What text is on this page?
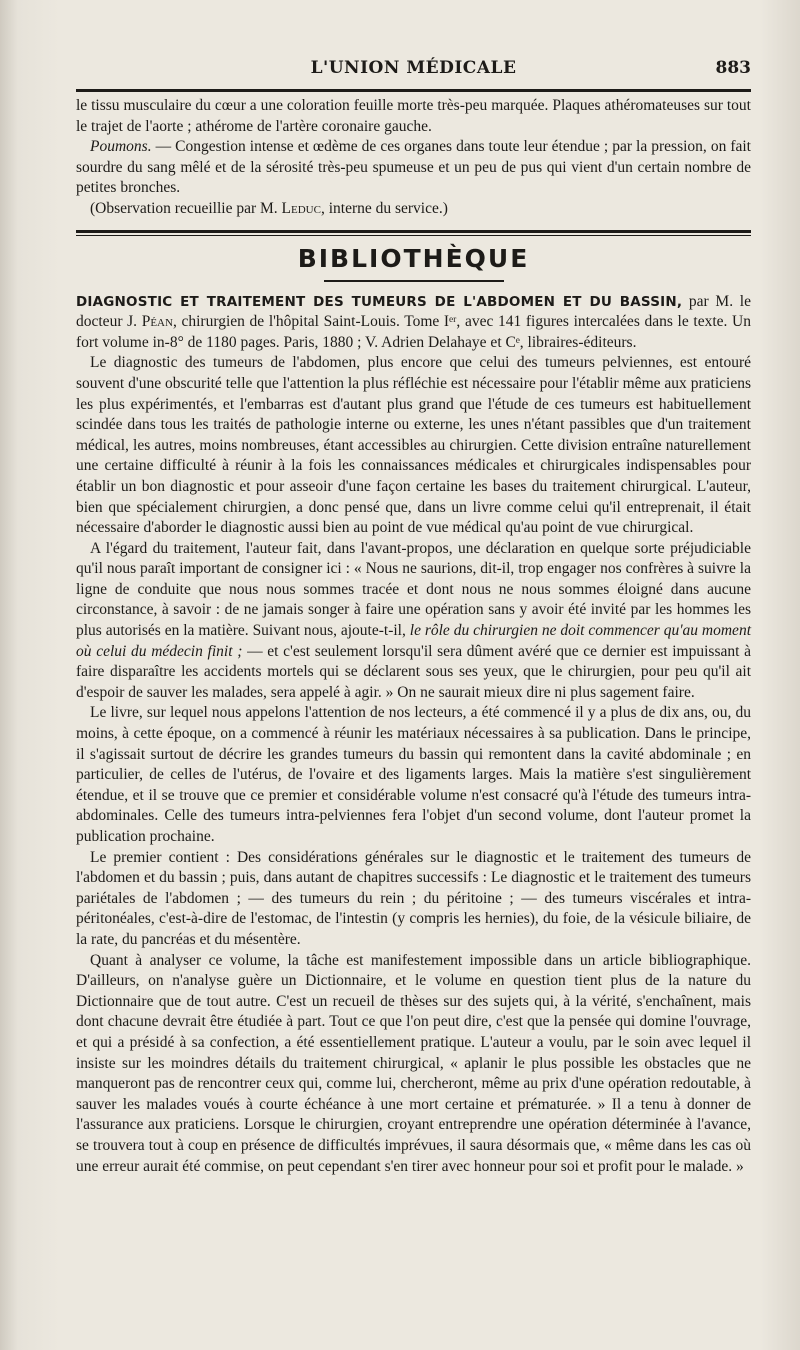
L'UNION MÉDICALE	883

le tissu musculaire du cœur a une coloration feuille morte très-peu marquée. Plaques athéromateuses sur tout le trajet de l'aorte ; athérome de l'artère coronaire gauche.

Poumons. — Congestion intense et œdème de ces organes dans toute leur étendue ; par la pression, on fait sourdre du sang mêlé et de la sérosité très-peu spumeuse et un peu de pus qui vient d'un certain nombre de petites bronches.

(Observation recueillie par M. Leduc, interne du service.)

BIBLIOTHÈQUE

DIAGNOSTIC ET TRAITEMENT DES TUMEURS DE L'ABDOMEN ET DU BASSIN, par M. le docteur J. Péan, chirurgien de l'hôpital Saint-Louis. Tome Iᵉʳ, avec 141 figures intercalées dans le texte. Un fort volume in-8° de 1180 pages. Paris, 1880 ; V. Adrien Delahaye et Cᵉ, libraires-éditeurs.

Le diagnostic des tumeurs de l'abdomen, plus encore que celui des tumeurs pelviennes, est entouré souvent d'une obscurité telle que l'attention la plus réfléchie est nécessaire pour l'établir même aux praticiens les plus expérimentés, et l'embarras est d'autant plus grand que l'étude de ces tumeurs est habituellement scindée dans tous les traités de pathologie interne ou externe, les unes n'étant passibles que d'un traitement médical, les autres, moins nombreuses, étant accessibles au chirurgien. Cette division entraîne naturellement une certaine difficulté à réunir à la fois les connaissances médicales et chirurgicales indispensables pour établir un bon diagnostic et pour asseoir d'une façon certaine les bases du traitement chirurgical. L'auteur, bien que spécialement chirurgien, a donc pensé que, dans un livre comme celui qu'il entreprenait, il était nécessaire d'aborder le diagnostic aussi bien au point de vue médical qu'au point de vue chirurgical.

A l'égard du traitement, l'auteur fait, dans l'avant-propos, une déclaration en quelque sorte préjudiciable qu'il nous paraît important de consigner ici : « Nous ne saurions, dit-il, trop engager nos confrères à suivre la ligne de conduite que nous nous sommes tracée et dont nous ne nous sommes éloigné dans aucune circonstance, à savoir : de ne jamais songer à faire une opération sans y avoir été invité par les hommes les plus autorisés en la matière. Suivant nous, ajoute-t-il, le rôle du chirurgien ne doit commencer qu'au moment où celui du médecin finit ; — et c'est seulement lorsqu'il sera dûment avéré que ce dernier est impuissant à faire disparaître les accidents mortels qui se déclarent sous ses yeux, que le chirurgien, pour peu qu'il ait d'espoir de sauver les malades, sera appelé à agir. » On ne saurait mieux dire ni plus sagement faire.

Le livre, sur lequel nous appelons l'attention de nos lecteurs, a été commencé il y a plus de dix ans, ou, du moins, à cette époque, on a commencé à réunir les matériaux nécessaires à sa publication. Dans le principe, il s'agissait surtout de décrire les grandes tumeurs du bassin qui remontent dans la cavité abdominale ; en particulier, de celles de l'utérus, de l'ovaire et des ligaments larges. Mais la matière s'est singulièrement étendue, et il se trouve que ce premier et considérable volume n'est consacré qu'à l'étude des tumeurs intra-abdominales. Celle des tumeurs intra-pelviennes fera l'objet d'un second volume, dont l'auteur promet la publication prochaine.

Le premier contient : Des considérations générales sur le diagnostic et le traitement des tumeurs de l'abdomen et du bassin ; puis, dans autant de chapitres successifs : Le diagnostic et le traitement des tumeurs pariétales de l'abdomen ; — des tumeurs du rein ; du péritoine ; — des tumeurs viscérales et intra-péritonéales, c'est-à-dire de l'estomac, de l'intestin (y compris les hernies), du foie, de la vésicule biliaire, de la rate, du pancréas et du mésentère.

Quant à analyser ce volume, la tâche est manifestement impossible dans un article bibliographique. D'ailleurs, on n'analyse guère un Dictionnaire, et le volume en question tient plus de la nature du Dictionnaire que de tout autre. C'est un recueil de thèses sur des sujets qui, à la vérité, s'enchaînent, mais dont chacune devrait être étudiée à part. Tout ce que l'on peut dire, c'est que la pensée qui domine l'ouvrage, et qui a présidé à sa confection, a été essentiellement pratique. L'auteur a voulu, par le soin avec lequel il insiste sur les moindres détails du traitement chirurgical, « aplanir le plus possible les obstacles que ne manqueront pas de rencontrer ceux qui, comme lui, chercheront, même au prix d'une opération redoutable, à sauver les malades voués à courte échéance à une mort certaine et prématurée. » Il a tenu à donner de l'assurance aux praticiens. Lorsque le chirurgien, croyant entreprendre une opération déterminée à l'avance, se trouvera tout à coup en présence de difficultés imprévues, il saura désormais que, « même dans les cas où une erreur aurait été commise, on peut cependant s'en tirer avec honneur pour soi et profit pour le malade. »
